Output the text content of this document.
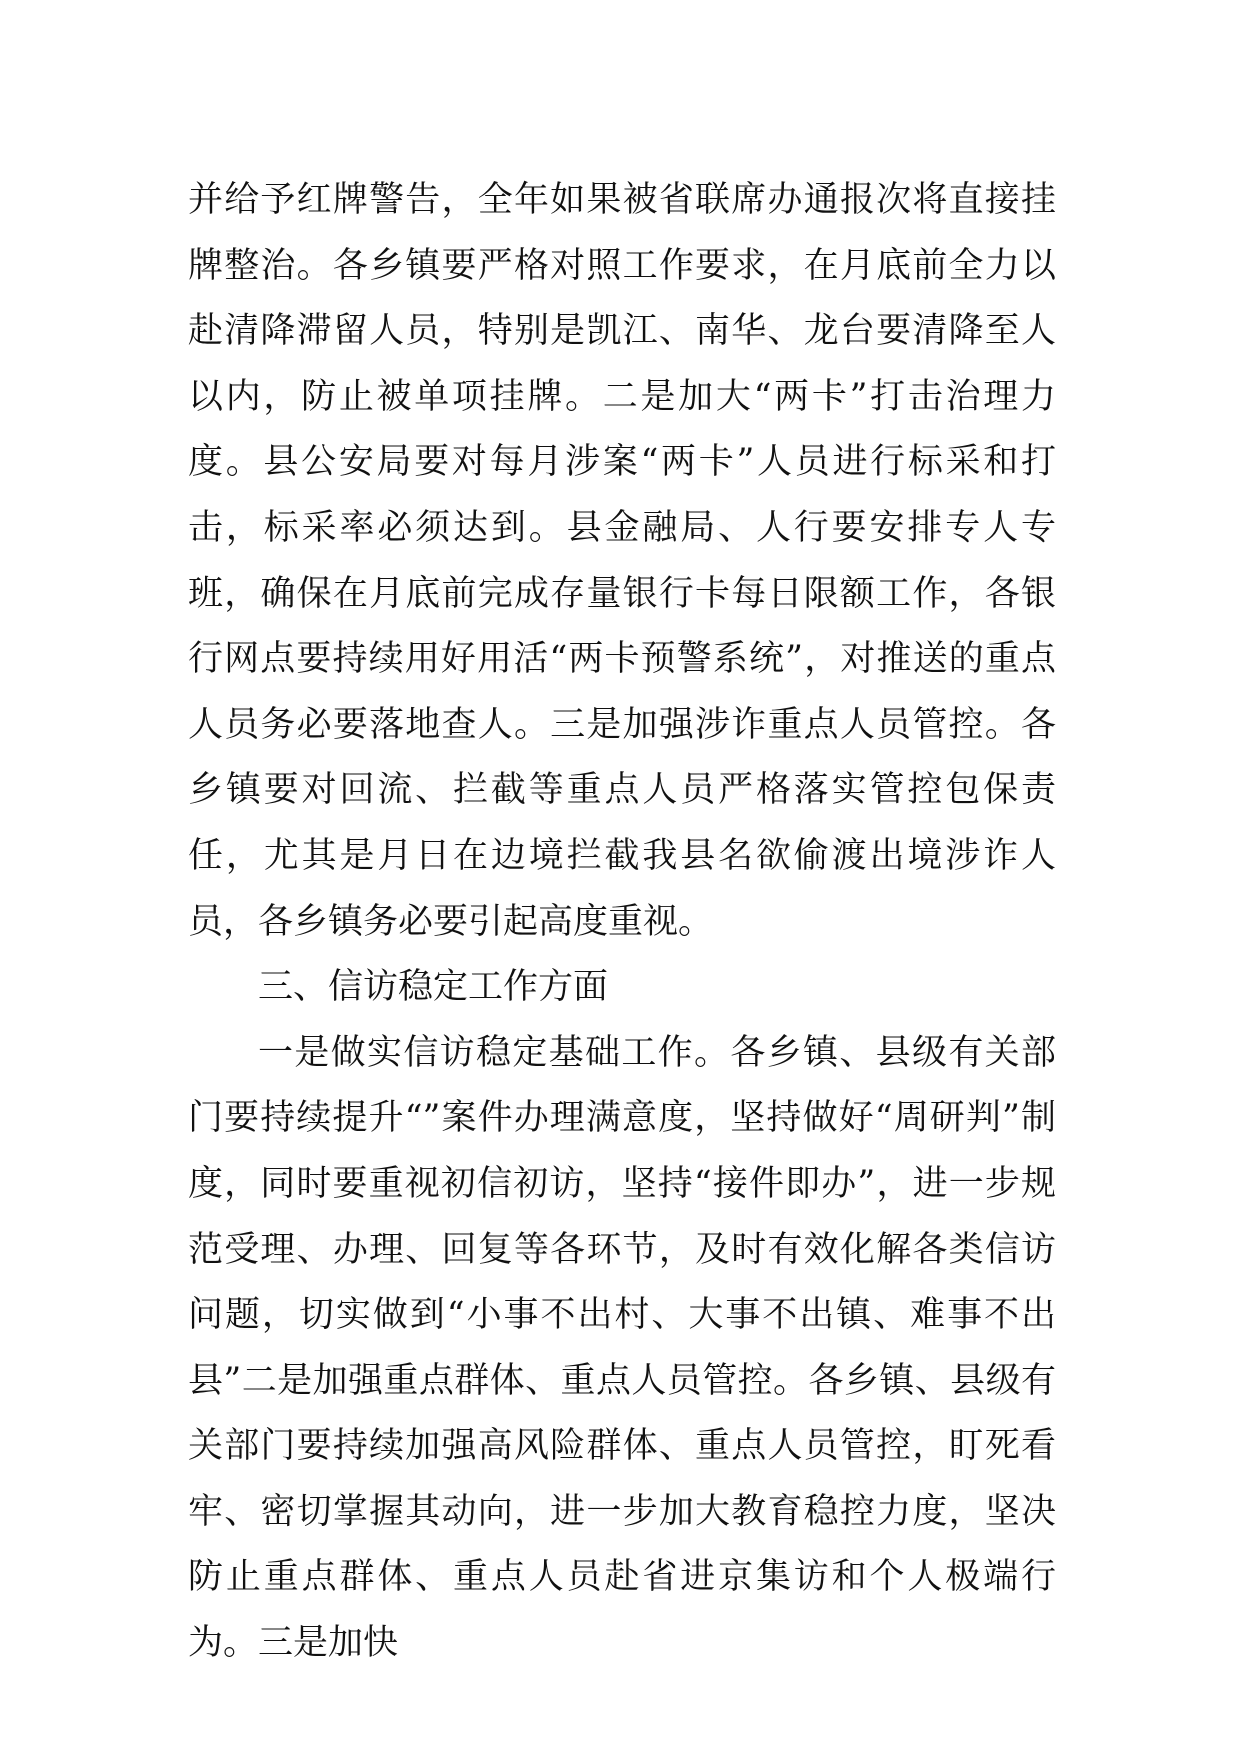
并给予红牌警告，全年如果被省联席办通报次将直接挂牌整治。各乡镇要严格对照工作要求，在月底前全力以赴清降滞留人员，特别是凯江、南华、龙台要清降至人以内，防止被单项挂牌。二是加大“两卡”打击治理力度。县公安局要对每月涉案“两卡”人员进行标采和打击，标采率必须达到。县金融局、人行要安排专人专班，确保在月底前完成存量银行卡每日限额工作，各银行网点要持续用好用活“两卡预警系统”，对推送的重点人员务必要落地查人。三是加强涉诈重点人员管控。各乡镇要对回流、拦截等重点人员严格落实管控包保责任，尤其是月日在边境拦截我县名欲偷渡出境涉诈人员，各乡镇务必要引起高度重视。

三、信访稳定工作方面

一是做实信访稳定基础工作。各乡镇、县级有关部门要持续提升“”案件办理满意度，坚持做好“周研判”制度，同时要重视初信初访，坚持“接件即办”，进一步规范受理、办理、回复等各环节，及时有效化解各类信访问题，切实做到“小事不出村、大事不出镇、难事不出县”二是加强重点群体、重点人员管控。各乡镇、县级有关部门要持续加强高风险群体、重点人员管控，盯死看牢、密切掌握其动向，进一步加大教育稳控力度，坚决防止重点群体、重点人员赴省进京集访和个人极端行为。三是加快
